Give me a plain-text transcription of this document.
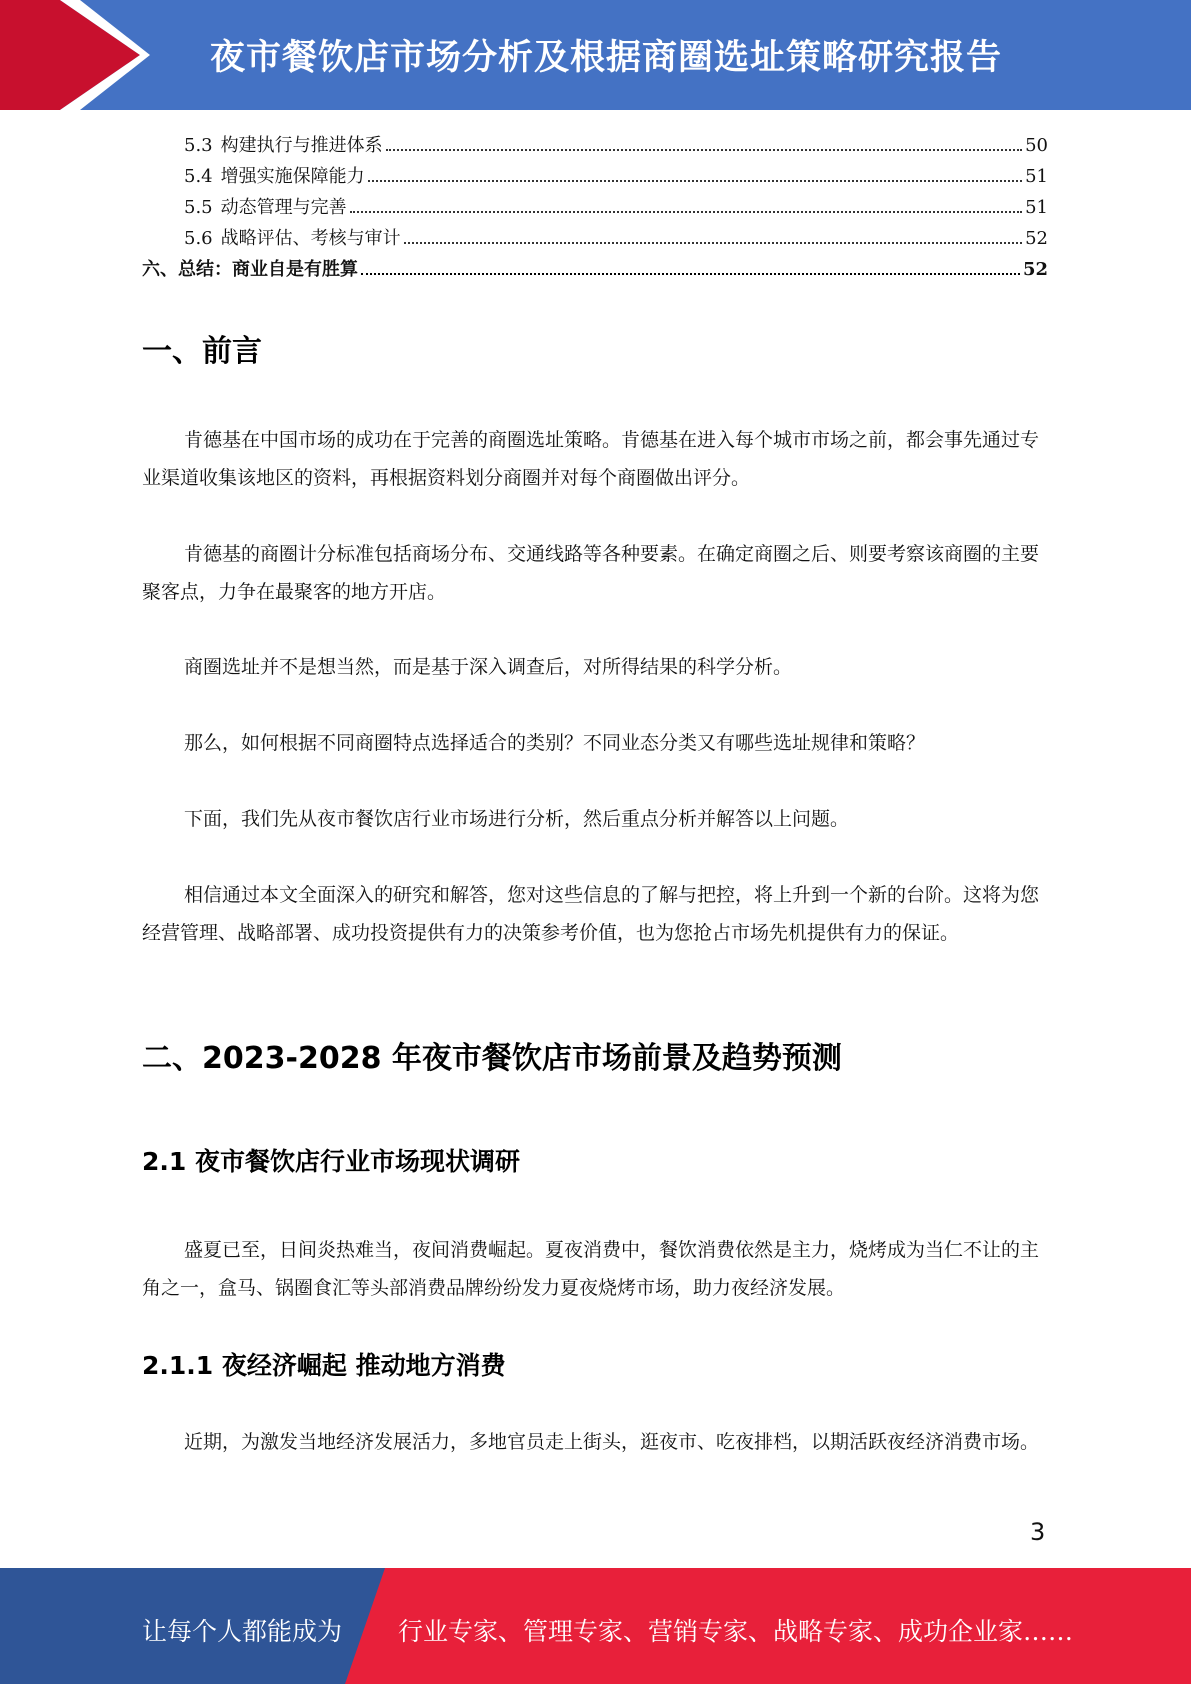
夜市餐饮店市场分析及根据商圈选址策略研究报告
5.3 构建执行与推进体系	50
5.4 增强实施保障能力	51
5.5 动态管理与完善	51
5.6 战略评估、考核与审计	52
六、总结：商业自是有胜算	52
一、前言
肯德基在中国市场的成功在于完善的商圈选址策略。肯德基在进入每个城市市场之前，都会事先通过专业渠道收集该地区的资料，再根据资料划分商圈并对每个商圈做出评分。
肯德基的商圈计分标准包括商场分布、交通线路等各种要素。在确定商圈之后、则要考察该商圈的主要聚客点，力争在最聚客的地方开店。
商圈选址并不是想当然，而是基于深入调查后，对所得结果的科学分析。
那么，如何根据不同商圈特点选择适合的类别？不同业态分类又有哪些选址规律和策略？
下面，我们先从夜市餐饮店行业市场进行分析，然后重点分析并解答以上问题。
相信通过本文全面深入的研究和解答，您对这些信息的了解与把控，将上升到一个新的台阶。这将为您经营管理、战略部署、成功投资提供有力的决策参考价值，也为您抢占市场先机提供有力的保证。
二、2023-2028 年夜市餐饮店市场前景及趋势预测
2.1 夜市餐饮店行业市场现状调研
盛夏已至，日间炎热难当，夜间消费崛起。夏夜消费中，餐饮消费依然是主力，烧烤成为当仁不让的主角之一，盒马、锅圈食汇等头部消费品牌纷纷发力夏夜烧烤市场，助力夜经济发展。
2.1.1 夜经济崛起 推动地方消费
近期，为激发当地经济发展活力，多地官员走上街头，逛夜市、吃夜排档，以期活跃夜经济消费市场。
3
让每个人都能成为 行业专家、管理专家、营销专家、战略专家、成功企业家……
